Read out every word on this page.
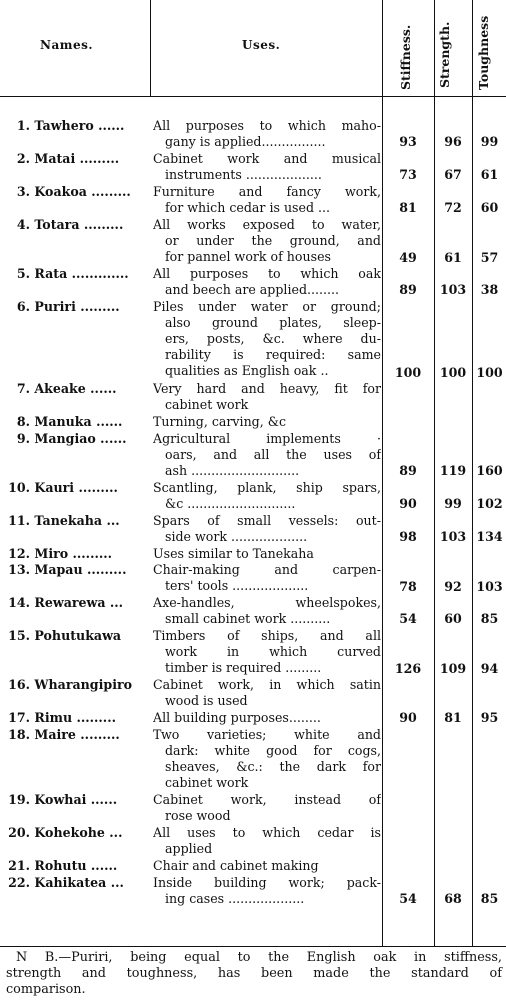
Names.	Uses.	Stiffness. Strength. Toughness
1. Tawhero ......	All purposes to which maho-
gany is applied................	93	96	99
2. Matai .........	Cabinet work and musical
instruments ...................	73	67	61
3. Koakoa .........	Furniture and fancy work,
for which cedar is used ...	81	72	60
4. Totara .........	All works exposed to water,
or under the ground, and
for pannel work of houses	49	61	57
5. Rata .............	All purposes to which oak
and beech are applied........	89	103	38
6. Puriri .........	Piles under water or ground;
also ground plates, sleep-
ers, posts, &c. where du-
rability is required: same
qualities as English oak ..	100	100 100
7. Akeake ......	Very hard and heavy, fit for
cabinet work
8. Manuka ......	Turning, carving, &c
9. Mangiao ......	Agricultural implements ·
oars, and all the uses of
ash ...........................	89	119 160
10. Kauri .........	Scantling, plank, ship spars,
&c ...........................	90	99	102
11. Tanekaha ...	Spars of small vessels: out-
side work ...................	98	103 134
12. Miro .........	Uses similar to Tanekaha
13. Mapau .........	Chair-making and carpen-
ters' tools ...................	78	92	103
14. Rewarewa ...	Axe-handles, wheelspokes,
small cabinet work ..........	54	60	85
15. Pohutukawa	Timbers of ships, and all
work in which curved
timber is required .........	126	109	94
16. Wharangipiro	Cabinet work, in which satin
wood is used
17. Rimu .........	All building purposes........	90	81	95
18. Maire .........	Two varieties; white and
dark: white good for cogs,
sheaves, &c.: the dark for
cabinet work
19. Kowhai ......	Cabinet work, instead of
rose wood
20. Kohekohe ...	All uses to which cedar is
applied
21. Rohutu ......	Chair and cabinet making
22. Kahikatea ...	Inside building work; pack-
ing cases ...................	54	68	85
N B.—Puriri, being equal to the English oak in stiffness,
strength and toughness, has been made the standard of
comparison.
